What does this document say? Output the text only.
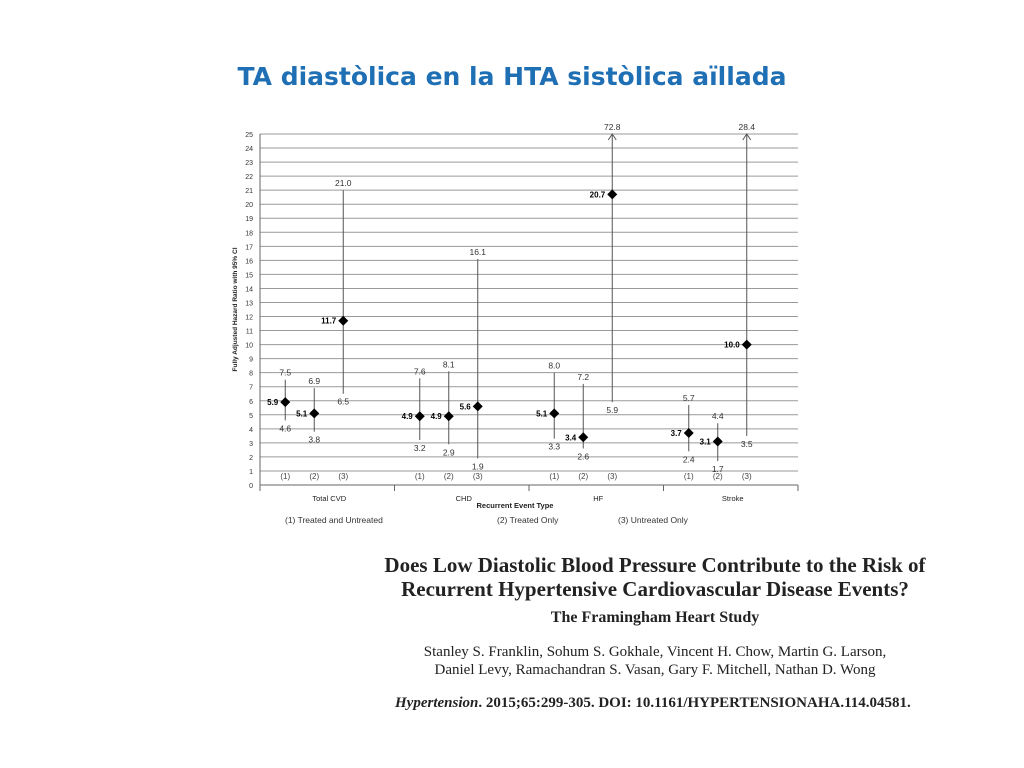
TA diastòlica en la HTA sistòlica aïllada
0
1
2
3
4
5
6
7
8
9
10
11
12
13
14
15
16
17
18
19
20
21
22
23
24
25
Fully Adjusted Hazard Ratio with 95% CI
Total CVD
(1) (2) (3)
CHD
(1) (2) (3)
HF
(1) (2) (3)
Stroke
(1) (2) (3)
Recurrent Event Type
(1) Treated and Untreated	(2) Treated Only	(3) Untreated Only
5.9
7.5
4.6
5.1
6.9
3.8
11.7
21.0
6.5
4.9
7.6
3.2
4.9
8.1
2.9
5.6
16.1
1.9
5.1
8.0
3.3
3.4
7.2
2.6
20.7
72.8
5.9
3.7
5.7
2.4
3.1
4.4
1.7
10.0
28.4
3.5
Does Low Diastolic Blood Pressure Contribute to the Risk of
Recurrent Hypertensive Cardiovascular Disease Events?
The Framingham Heart Study
Stanley S. Franklin, Sohum S. Gokhale, Vincent H. Chow, Martin G. Larson,
Daniel Levy, Ramachandran S. Vasan, Gary F. Mitchell, Nathan D. Wong
Hypertension. 2015;65:299-305. DOI: 10.1161/HYPERTENSIONAHA.114.04581.
